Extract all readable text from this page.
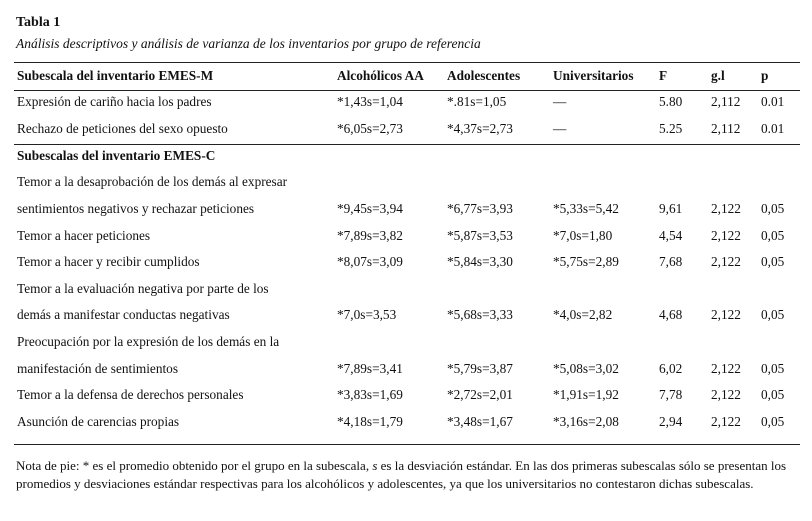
Tabla 1
Análisis descriptivos y análisis de varianza de los inventarios por grupo de referencia
Subescala del inventario EMES-M	Alcohólicos AA	Adolescentes	Universitarios	F	g.l	p
Expresión de cariño hacia los padres	*1,43s=1,04	*.81s=1,05	—	5.80	2,112	0.01
Rechazo de peticiones del sexo opuesto	*6,05s=2,73	*4,37s=2,73	—	5.25	2,112	0.01
Subescalas del inventario EMES-C						
Temor a la desaprobación de los demás al expresar						
sentimientos negativos y rechazar peticiones	*9,45s=3,94	*6,77s=3,93	*5,33s=5,42	9,61	2,122	0,05
Temor a hacer peticiones	*7,89s=3,82	*5,87s=3,53	*7,0s=1,80	4,54	2,122	0,05
Temor a hacer y recibir cumplidos	*8,07s=3,09	*5,84s=3,30	*5,75s=2,89	7,68	2,122	0,05
Temor a la evaluación negativa por parte de los						
demás a manifestar conductas negativas	*7,0s=3,53	*5,68s=3,33	*4,0s=2,82	4,68	2,122	0,05
Preocupación por la expresión de los demás en la						
manifestación de sentimientos	*7,89s=3,41	*5,79s=3,87	*5,08s=3,02	6,02	2,122	0,05
Temor a la defensa de derechos personales	*3,83s=1,69	*2,72s=2,01	*1,91s=1,92	7,78	2,122	0,05
Asunción de carencias propias	*4,18s=1,79	*3,48s=1,67	*3,16s=2,08	2,94	2,122	0,05
Nota de pie: * es el promedio obtenido por el grupo en la subescala, s es la desviación estándar. En las dos primeras subescalas sólo se presentan los promedios y desviaciones estándar respectivas para los alcohólicos y adolescentes, ya que los universitarios no contestaron dichas subescalas.
